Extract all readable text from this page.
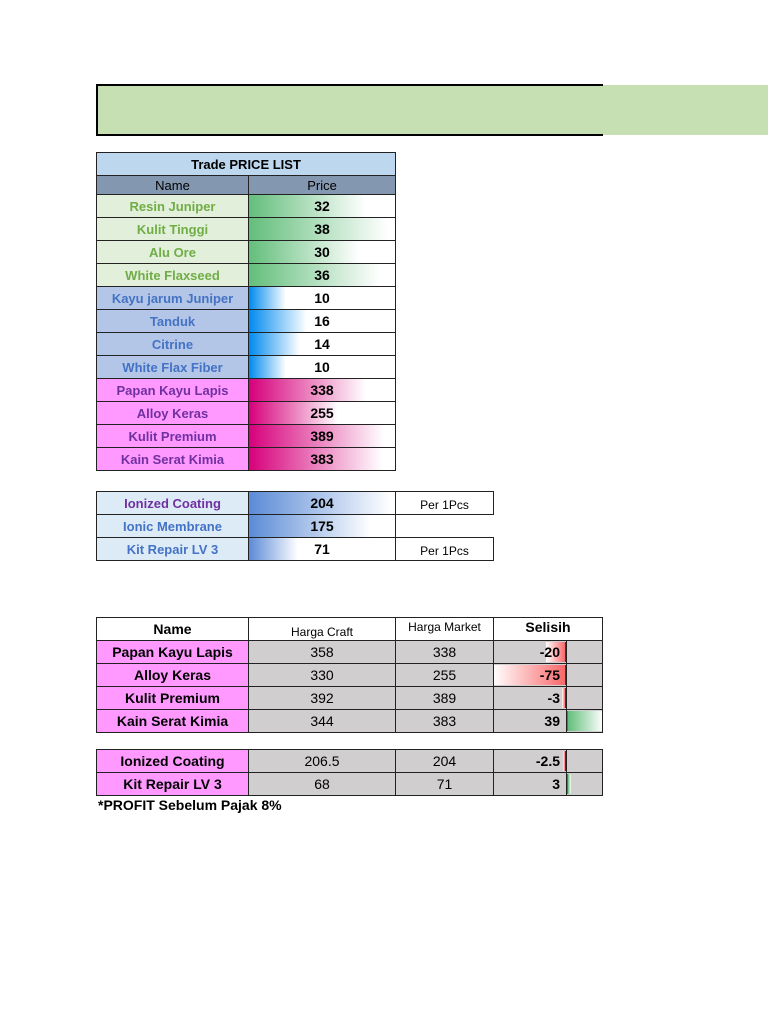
Trade PRICE LIST
Name	Price
Resin Juniper	32
Kulit Tinggi	38
Alu Ore	30
White Flaxseed	36
Kayu jarum Juniper	10
Tanduk	16
Citrine	14
White Flax Fiber	10
Papan Kayu Lapis	338
Alloy Keras	255
Kulit Premium	389
Kain Serat Kimia	383
Ionized Coating	204	Per 1Pcs
Ionic Membrane	175
Kit Repair LV 3	71	Per 1Pcs
Name	Harga Craft	Harga Market	Selisih
Papan Kayu Lapis	358	338	-20
Alloy Keras	330	255	-75
Kulit Premium	392	389	-3
Kain Serat Kimia	344	383	39
Ionized Coating	206.5	204	-2.5
Kit Repair LV 3	68	71	3
*PROFIT Sebelum Pajak 8%
